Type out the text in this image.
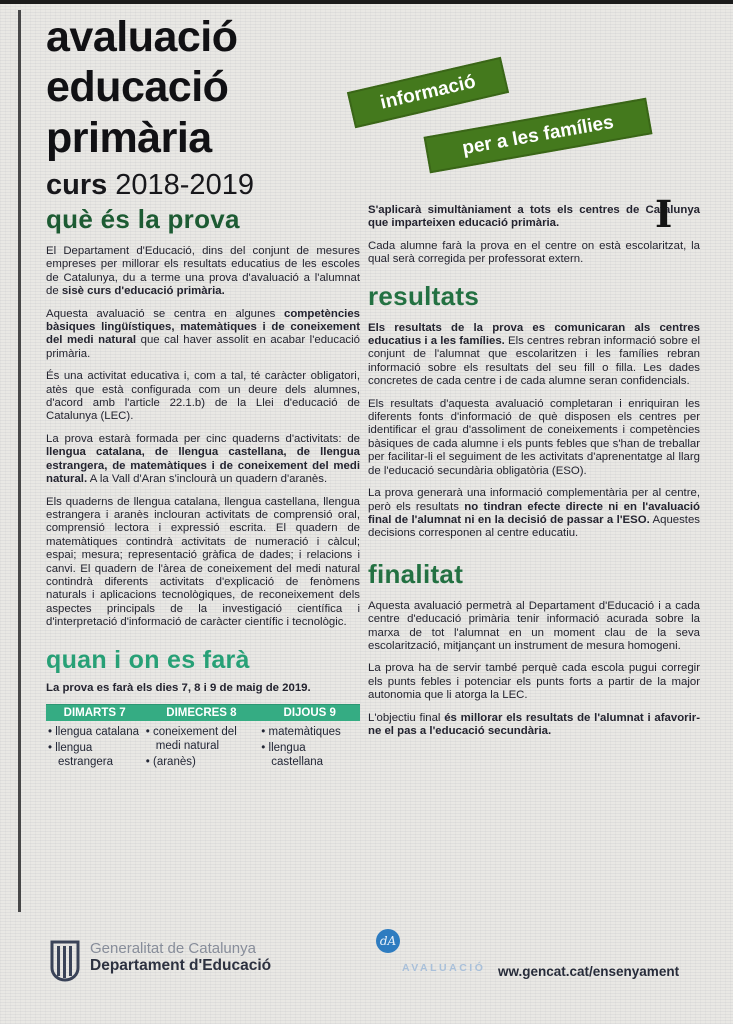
avaluació
educació
primària
curs 2018-2019
informació
per a les famílies
què és la prova

El Departament d'Educació, dins del conjunt de mesures empreses per millorar els resultats educatius de les escoles de Catalunya, du a terme una prova d'avaluació a l'alumnat de sisè curs d'educació primària.

Aquesta avaluació se centra en algunes competències bàsiques lingüístiques, matemàtiques i de coneixement del medi natural que cal haver assolit en acabar l'educació primària.

És una activitat educativa i, com a tal, té caràcter obligatori, atès que està configurada com un deure dels alumnes, d'acord amb l'article 22.1.b) de la Llei d'educació de Catalunya (LEC).

La prova estarà formada per cinc quaderns d'activitats: de llengua catalana, de llengua castellana, de llengua estrangera, de matemàtiques i de coneixement del medi natural. A la Vall d'Aran s'inclourà un quadern d'aranès.

Els quaderns de llengua catalana, llengua castellana, llengua estrangera i aranès inclouran activitats de comprensió oral, comprensió lectora i expressió escrita. El quadern de matemàtiques contindrà activitats de numeració i càlcul; espai; mesura; representació gràfica de dades; i relacions i canvi. El quadern de l'àrea de coneixement del medi natural contindrà diferents activitats d'explicació de fenòmens naturals i aplicacions tecnològiques, de reconeixement dels aspectes principals de la investigació científica i d'interpretació d'informació de caràcter científic i tecnològic.

quan i on es farà

La prova es farà els dies 7, 8 i 9 de maig de 2019.

DIMARTS 7	DIMECRES 8	DIJOUS 9
• llengua catalana
• llengua estrangera
• coneixement del medi natural
• (aranès)
• matemàtiques
• llengua castellana

S'aplicarà simultàniament a tots els centres de Catalunya que imparteixen educació primària.

Cada alumne farà la prova en el centre on està escolaritzat, la qual serà corregida per professorat extern.

resultats

Els resultats de la prova es comunicaran als centres educatius i a les famílies. Els centres rebran informació sobre el conjunt de l'alumnat que escolaritzen i les famílies rebran informació sobre els resultats del seu fill o filla. Les dades concretes de cada centre i de cada alumne seran confidencials.

Els resultats d'aquesta avaluació completaran i enriquiran les diferents fonts d'informació de què disposen els centres per identificar el grau d'assoliment de coneixements i competències bàsiques de cada alumne i els punts febles que s'han de treballar per facilitar-li el seguiment de les activitats d'aprenentatge al llarg de l'educació secundària obligatòria (ESO).

La prova generarà una informació complementària per al centre, però els resultats no tindran efecte directe ni en l'avaluació final de l'alumnat ni en la decisió de passar a l'ESO. Aquestes decisions corresponen al centre educatiu.

finalitat

Aquesta avaluació permetrà al Departament d'Educació i a cada centre d'educació primària tenir informació acurada sobre la marxa de tot l'alumnat en un moment clau de la seva escolarització, mitjançant un instrument de mesura homogeni.

La prova ha de servir també perquè cada escola pugui corregir els punts febles i potenciar els punts forts a partir de la major autonomia que li atorga la LEC.

L'objectiu final és millorar els resultats de l'alumnat i afavorir-ne el pas a l'educació secundària.

I
Generalitat de Catalunya
Departament d'Educació
dA
AVALUACIÓ ww.gencat.cat/ensenyament
